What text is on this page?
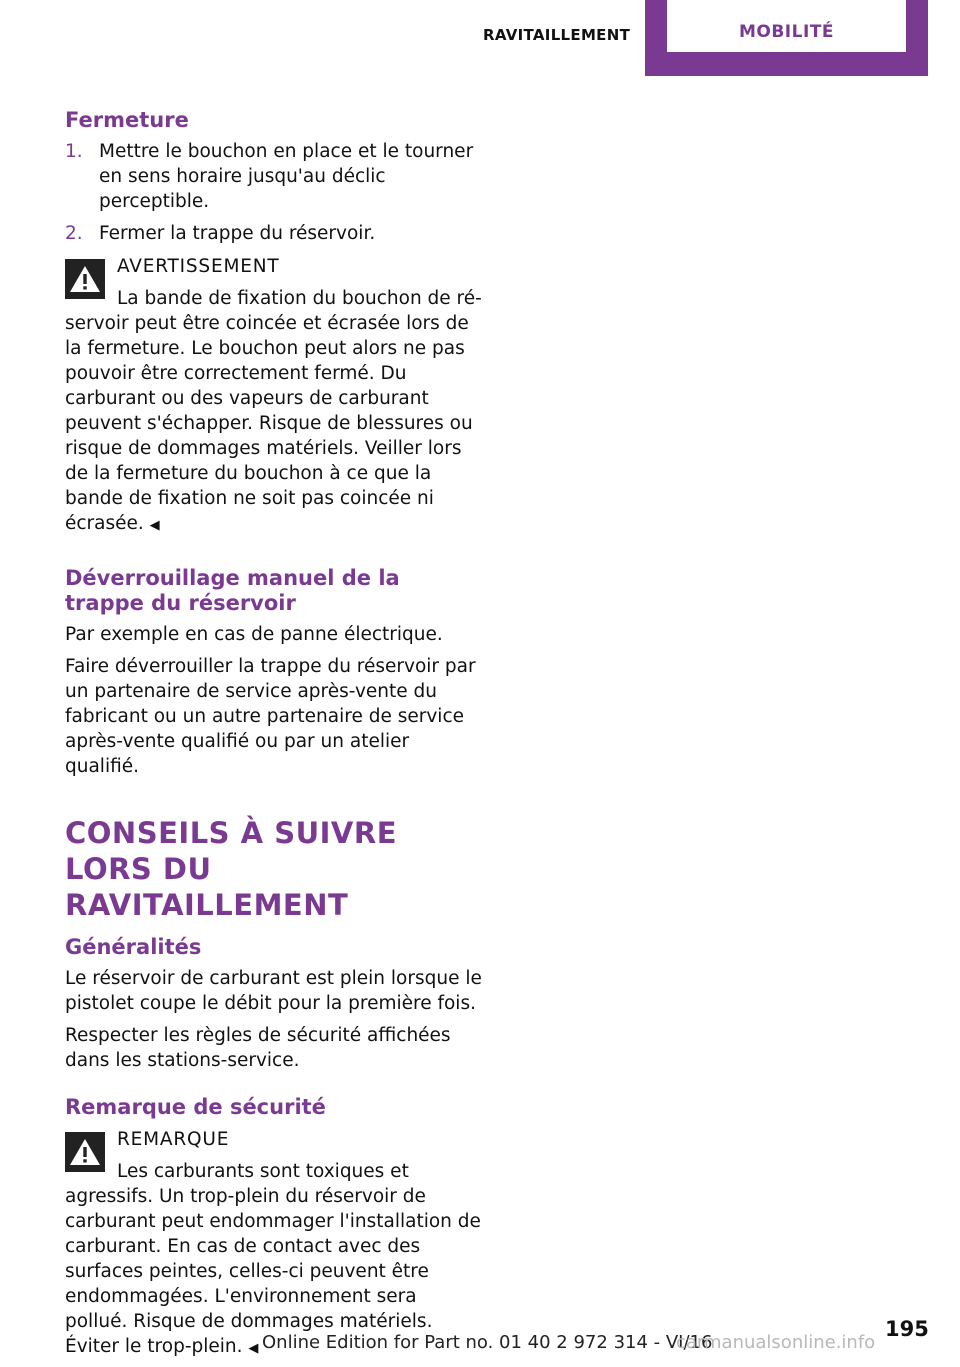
RAVITAILLEMENT	MOBILITÉ
Fermeture
1. Mettre le bouchon en place et le tourner en sens horaire jusqu'au déclic perceptible.
2. Fermer la trappe du réservoir.
AVERTISSEMENT
La bande de fixation du bouchon de réservoir peut être coincée et écrasée lors de la fermeture. Le bouchon peut alors ne pas pouvoir être correctement fermé. Du carburant ou des vapeurs de carburant peuvent s'échapper. Risque de blessures ou risque de dommages matériels. Veiller lors de la fermeture du bouchon à ce que la bande de fixation ne soit pas coincée ni écrasée. ◀
Déverrouillage manuel de la trappe du réservoir

Par exemple en cas de panne électrique.

Faire déverrouiller la trappe du réservoir par un partenaire de service après-vente du fabricant ou un autre partenaire de service après-vente qualifié ou par un atelier qualifié.

CONSEILS À SUIVRE LORS DU RAVITAILLEMENT
Généralités

Le réservoir de carburant est plein lorsque le pistolet coupe le débit pour la première fois.

Respecter les règles de sécurité affichées dans les stations-service.

Remarque de sécurité
REMARQUE
Les carburants sont toxiques et agressifs. Un trop-plein du réservoir de carburant peut endommager l'installation de carburant. En cas de contact avec des surfaces peintes, celles-ci peuvent être endommagées. L'environnement sera pollué. Risque de dommages matériels. Éviter le trop-plein. ◀ Online Edition for Part no. 01 40 2 972 314 - VI/16
carmanualsonline.info
195
